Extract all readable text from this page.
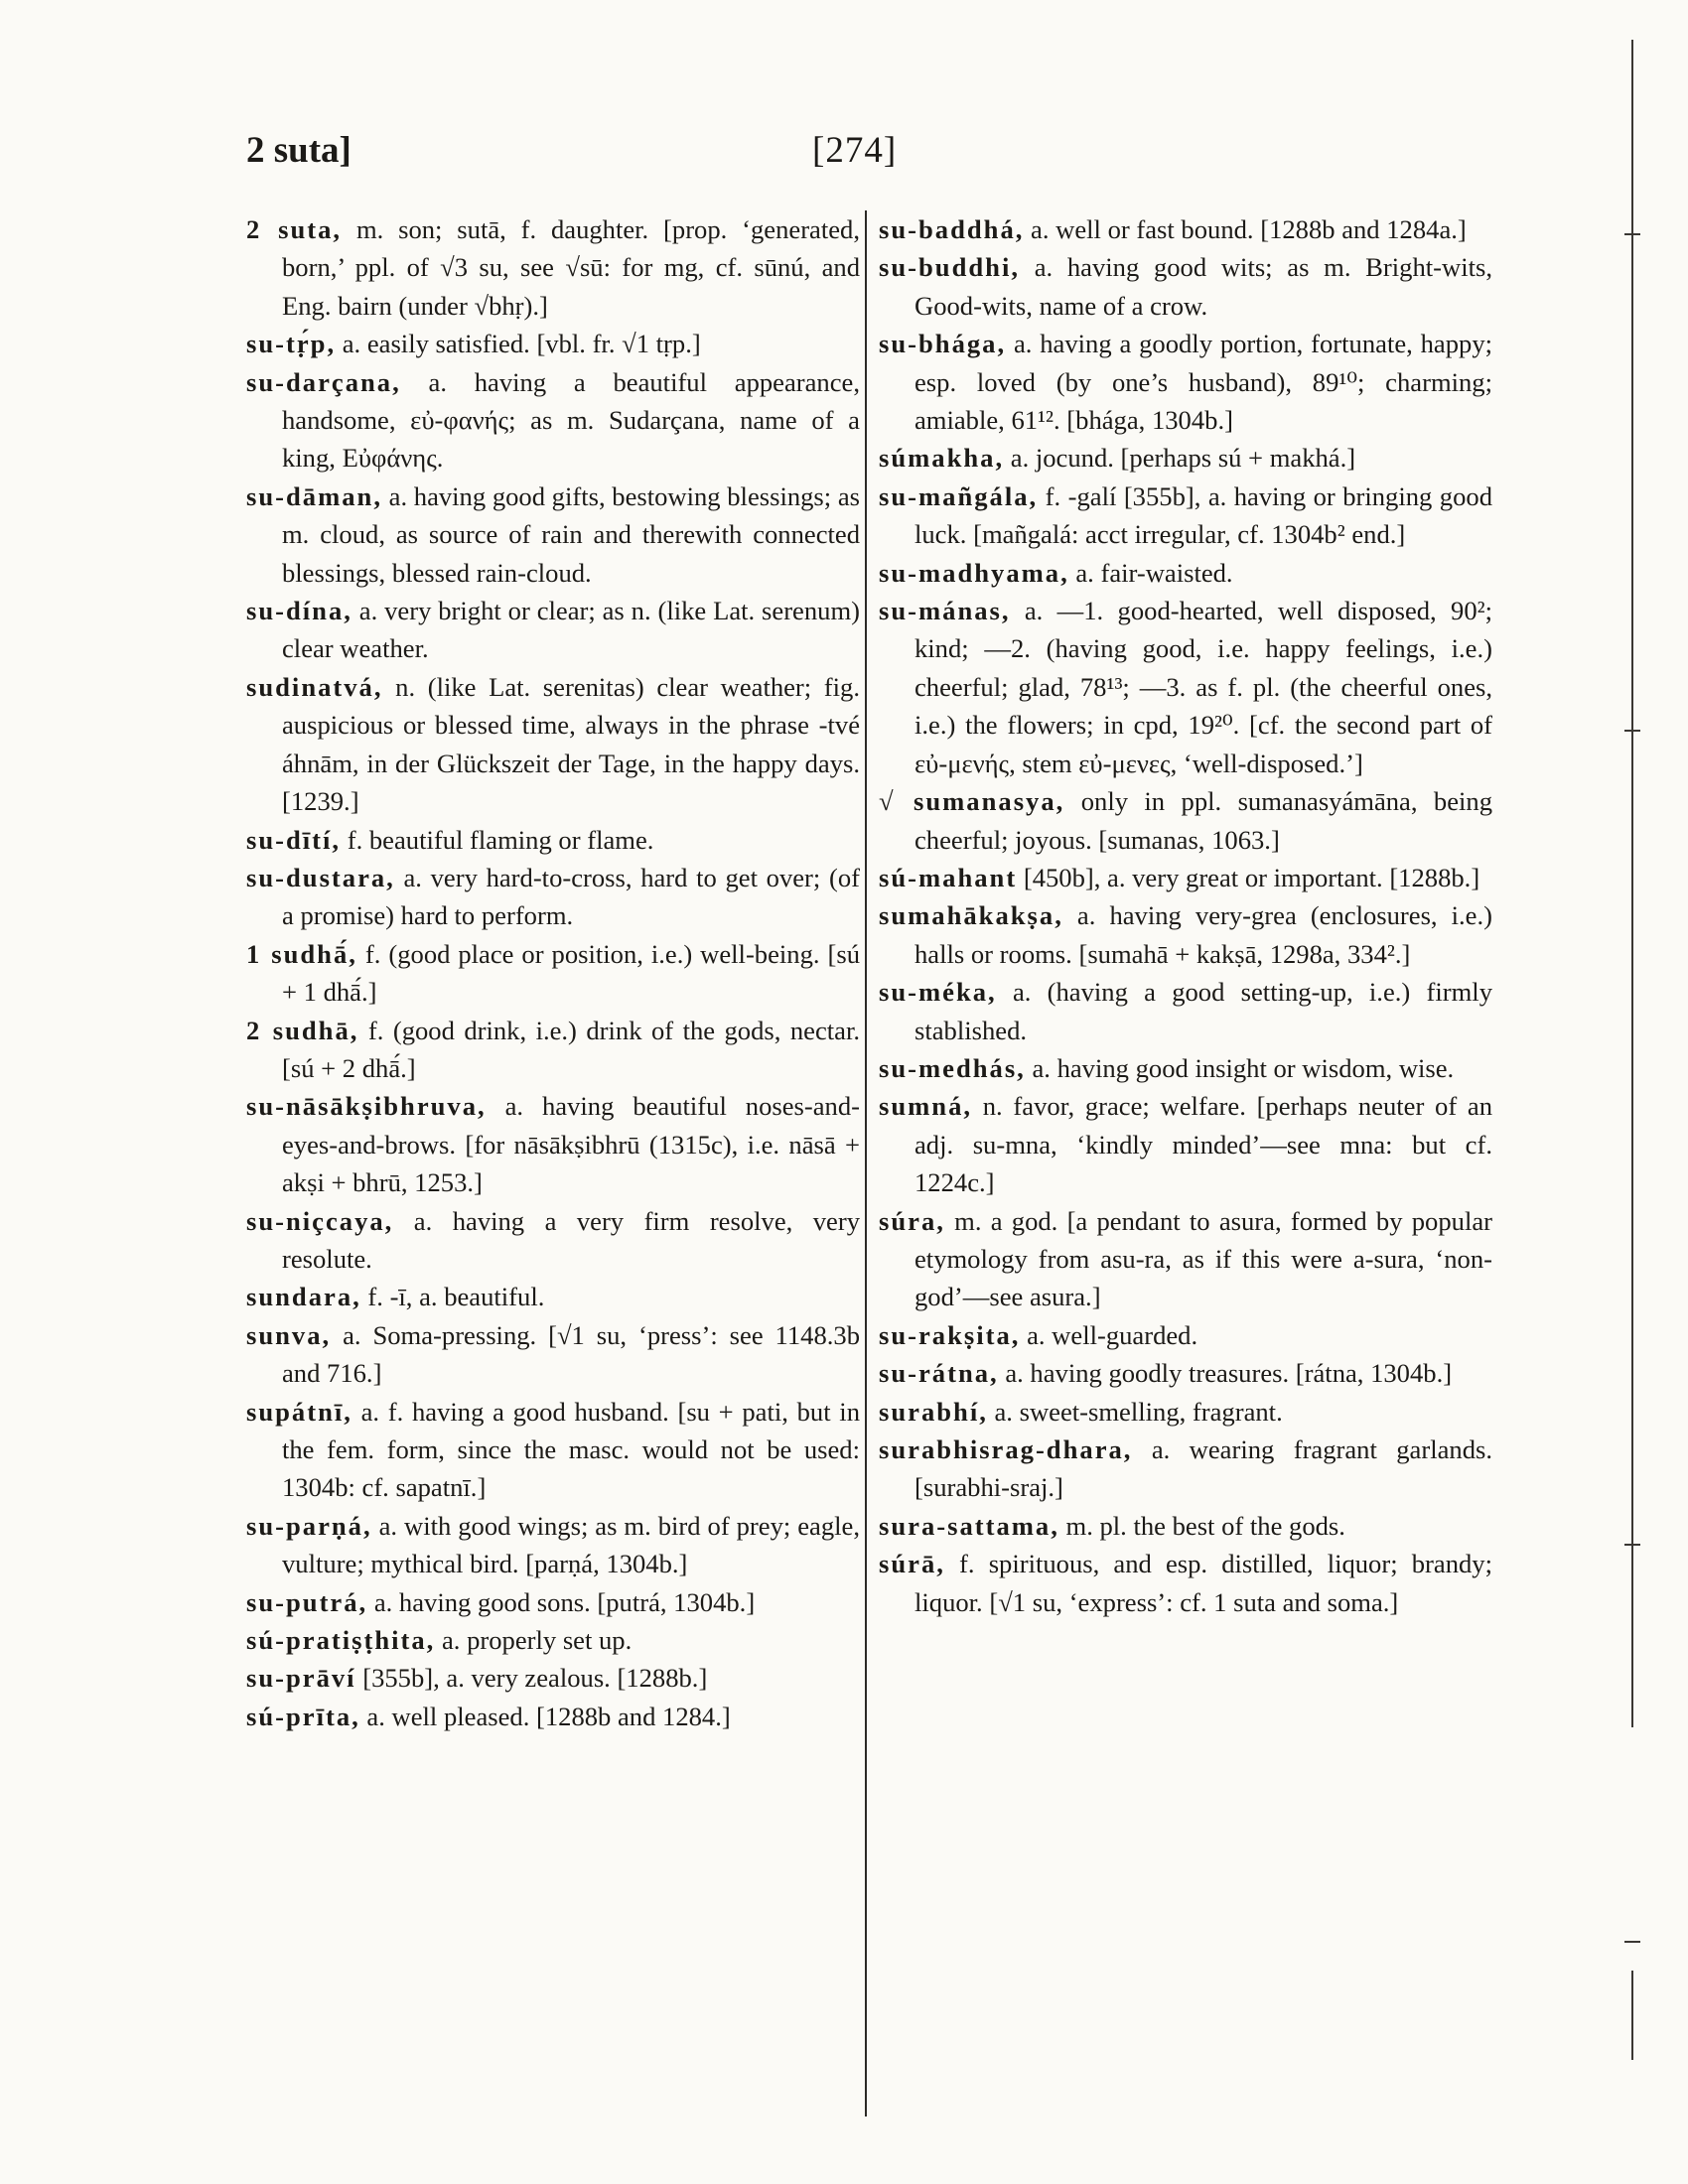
2 suta]	[274]

2 suta, m. son; sutā, f. daughter. [prop. ‘generated, born,’ ppl. of √3 su, see √sū: for mg, cf. sūnú, and Eng. bairn (under √bhṛ).]

su-tṛ́p, a. easily satisfied. [vbl. fr. √1 tṛp.]

su-darçana, a. having a beautiful appearance, handsome, εὐ-φανής; as m. Sudarçana, name of a king, Εὐφάνης.

su-dāman, a. having good gifts, bestowing blessings; as m. cloud, as source of rain and therewith connected blessings, blessed rain-cloud.

su-dína, a. very bright or clear; as n. (like Lat. serenum) clear weather.

sudinatvá, n. (like Lat. serenitas) clear weather; fig. auspicious or blessed time, always in the phrase -tvé áhnām, in der Glückszeit der Tage, in the happy days. [1239.]

su-dītí, f. beautiful flaming or flame.

su-dustara, a. very hard-to-cross, hard to get over; (of a promise) hard to perform.

1 sudhā́, f. (good place or position, i.e.) well-being. [sú + 1 dhā́.]

2 sudhā, f. (good drink, i.e.) drink of the gods, nectar. [sú + 2 dhā́.]

su-nāsākṣibhruva, a. having beautiful noses-and-eyes-and-brows. [for nāsākṣibhrū (1315c), i.e. nāsā + akṣi + bhrū, 1253.]

su-niçcaya, a. having a very firm resolve, very resolute.

sundara, f. -ī, a. beautiful.

sunva, a. Soma-pressing. [√1 su, ‘press’: see 1148.3b and 716.]

supátnī, a. f. having a good husband. [su + pati, but in the fem. form, since the masc. would not be used: 1304b: cf. sapatnī.]

su-parṇá, a. with good wings; as m. bird of prey; eagle, vulture; mythical bird. [parṇá, 1304b.]

su-putrá, a. having good sons. [putrá, 1304b.]

sú-pratiṣṭhita, a. properly set up.

su-prāví [355b], a. very zealous. [1288b.]

sú-prīta, a. well pleased. [1288b and 1284.]

su-baddhá, a. well or fast bound. [1288b and 1284a.]

su-buddhi, a. having good wits; as m. Bright-wits, Good-wits, name of a crow.

su-bhága, a. having a goodly portion, fortunate, happy; esp. loved (by one’s husband), 89¹⁰; charming; amiable, 61¹². [bhága, 1304b.]

súmakha, a. jocund. [perhaps sú + makhá.]

su-mañgála, f. -galí [355b], a. having or bringing good luck. [mañgalá: acct irregular, cf. 1304b² end.]

su-madhyama, a. fair-waisted.

su-mánas, a. —1. good-hearted, well disposed, 90²; kind; —2. (having good, i.e. happy feelings, i.e.) cheerful; glad, 78¹³; —3. as f. pl. (the cheerful ones, i.e.) the flowers; in cpd, 19²⁰. [cf. the second part of εὐ-μενής, stem εὐ-μενες, ‘well-disposed.’]

√ sumanasya, only in ppl. sumanasyámāna, being cheerful; joyous. [sumanas, 1063.]

sú-mahant [450b], a. very great or important. [1288b.]

sumahākakṣa, a. having very-grea (enclosures, i.e.) halls or rooms. [sumahā + kakṣā, 1298a, 334².]

su-méka, a. (having a good setting-up, i.e.) firmly stablished.

su-medhás, a. having good insight or wisdom, wise.

sumná, n. favor, grace; welfare. [perhaps neuter of an adj. su-mna, ‘kindly minded’—see mna: but cf. 1224c.]

súra, m. a god. [a pendant to asura, formed by popular etymology from asu-ra, as if this were a-sura, ‘non-god’—see asura.]

su-rakṣita, a. well-guarded.

su-rátna, a. having goodly treasures. [rátna, 1304b.]

surabhí, a. sweet-smelling, fragrant.

surabhisrag-dhara, a. wearing fragrant garlands. [surabhi-sraj.]

sura-sattama, m. pl. the best of the gods.

súrā, f. spirituous, and esp. distilled, liquor; brandy; liquor. [√1 su, ‘express’: cf. 1 suta and soma.]
